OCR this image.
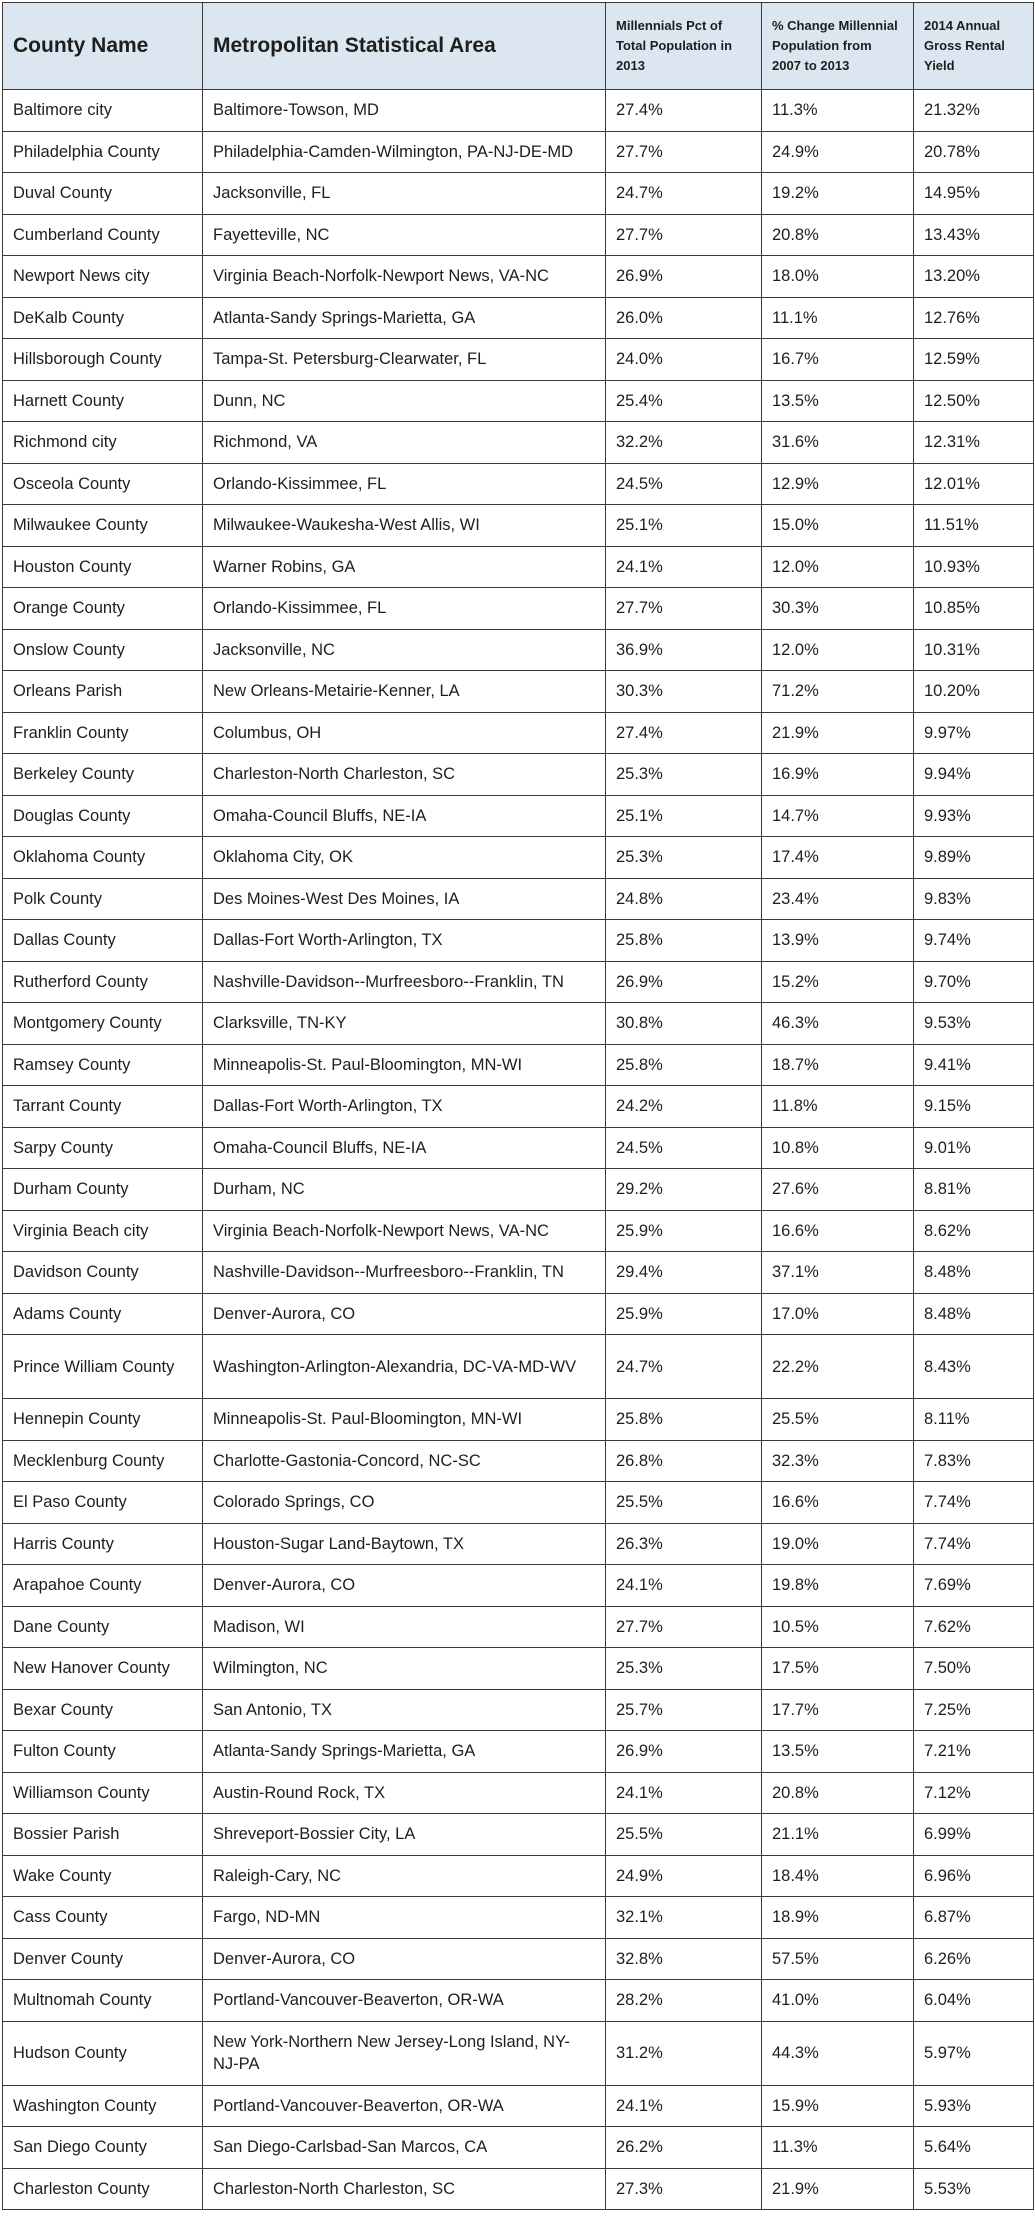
County Name	Metropolitan Statistical Area	Millennials Pct of Total Population in 2013	% Change Millennial Population from 2007 to 2013	2014 Annual Gross Rental Yield
Baltimore city	Baltimore-Towson, MD	27.4%	11.3%	21.32%
Philadelphia County	Philadelphia-Camden-Wilmington, PA-NJ-DE-MD	27.7%	24.9%	20.78%
Duval County	Jacksonville, FL	24.7%	19.2%	14.95%
Cumberland County	Fayetteville, NC	27.7%	20.8%	13.43%
Newport News city	Virginia Beach-Norfolk-Newport News, VA-NC	26.9%	18.0%	13.20%
DeKalb County	Atlanta-Sandy Springs-Marietta, GA	26.0%	11.1%	12.76%
Hillsborough County	Tampa-St. Petersburg-Clearwater, FL	24.0%	16.7%	12.59%
Harnett County	Dunn, NC	25.4%	13.5%	12.50%
Richmond city	Richmond, VA	32.2%	31.6%	12.31%
Osceola County	Orlando-Kissimmee, FL	24.5%	12.9%	12.01%
Milwaukee County	Milwaukee-Waukesha-West Allis, WI	25.1%	15.0%	11.51%
Houston County	Warner Robins, GA	24.1%	12.0%	10.93%
Orange County	Orlando-Kissimmee, FL	27.7%	30.3%	10.85%
Onslow County	Jacksonville, NC	36.9%	12.0%	10.31%
Orleans Parish	New Orleans-Metairie-Kenner, LA	30.3%	71.2%	10.20%
Franklin County	Columbus, OH	27.4%	21.9%	9.97%
Berkeley County	Charleston-North Charleston, SC	25.3%	16.9%	9.94%
Douglas County	Omaha-Council Bluffs, NE-IA	25.1%	14.7%	9.93%
Oklahoma County	Oklahoma City, OK	25.3%	17.4%	9.89%
Polk County	Des Moines-West Des Moines, IA	24.8%	23.4%	9.83%
Dallas County	Dallas-Fort Worth-Arlington, TX	25.8%	13.9%	9.74%
Rutherford County	Nashville-Davidson--Murfreesboro--Franklin, TN	26.9%	15.2%	9.70%
Montgomery County	Clarksville, TN-KY	30.8%	46.3%	9.53%
Ramsey County	Minneapolis-St. Paul-Bloomington, MN-WI	25.8%	18.7%	9.41%
Tarrant County	Dallas-Fort Worth-Arlington, TX	24.2%	11.8%	9.15%
Sarpy County	Omaha-Council Bluffs, NE-IA	24.5%	10.8%	9.01%
Durham County	Durham, NC	29.2%	27.6%	8.81%
Virginia Beach city	Virginia Beach-Norfolk-Newport News, VA-NC	25.9%	16.6%	8.62%
Davidson County	Nashville-Davidson--Murfreesboro--Franklin, TN	29.4%	37.1%	8.48%
Adams County	Denver-Aurora, CO	25.9%	17.0%	8.48%
Prince William County	Washington-Arlington-Alexandria, DC-VA-MD-WV	24.7%	22.2%	8.43%
Hennepin County	Minneapolis-St. Paul-Bloomington, MN-WI	25.8%	25.5%	8.11%
Mecklenburg County	Charlotte-Gastonia-Concord, NC-SC	26.8%	32.3%	7.83%
El Paso County	Colorado Springs, CO	25.5%	16.6%	7.74%
Harris County	Houston-Sugar Land-Baytown, TX	26.3%	19.0%	7.74%
Arapahoe County	Denver-Aurora, CO	24.1%	19.8%	7.69%
Dane County	Madison, WI	27.7%	10.5%	7.62%
New Hanover County	Wilmington, NC	25.3%	17.5%	7.50%
Bexar County	San Antonio, TX	25.7%	17.7%	7.25%
Fulton County	Atlanta-Sandy Springs-Marietta, GA	26.9%	13.5%	7.21%
Williamson County	Austin-Round Rock, TX	24.1%	20.8%	7.12%
Bossier Parish	Shreveport-Bossier City, LA	25.5%	21.1%	6.99%
Wake County	Raleigh-Cary, NC	24.9%	18.4%	6.96%
Cass County	Fargo, ND-MN	32.1%	18.9%	6.87%
Denver County	Denver-Aurora, CO	32.8%	57.5%	6.26%
Multnomah County	Portland-Vancouver-Beaverton, OR-WA	28.2%	41.0%	6.04%
Hudson County	New York-Northern New Jersey-Long Island, NY-NJ-PA	31.2%	44.3%	5.97%
Washington County	Portland-Vancouver-Beaverton, OR-WA	24.1%	15.9%	5.93%
San Diego County	San Diego-Carlsbad-San Marcos, CA	26.2%	11.3%	5.64%
Charleston County	Charleston-North Charleston, SC	27.3%	21.9%	5.53%
